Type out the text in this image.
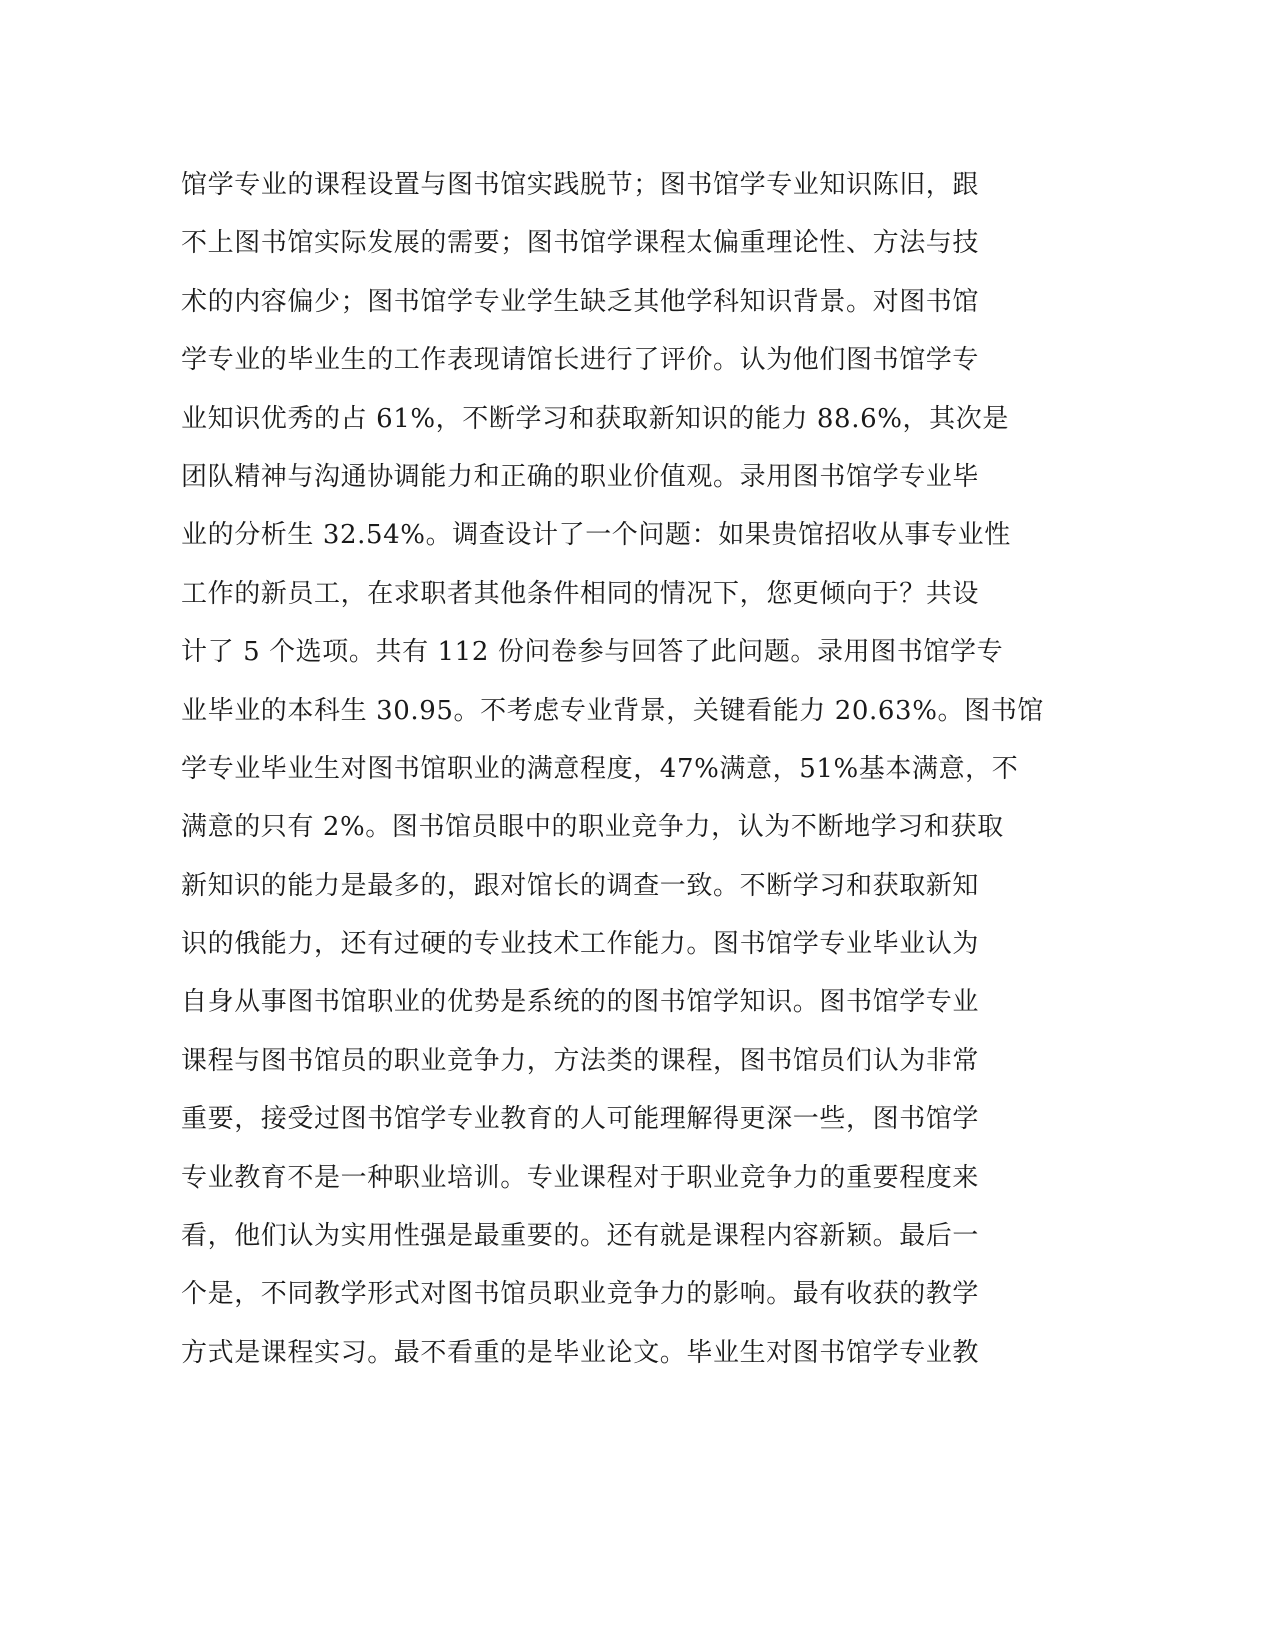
馆学专业的课程设置与图书馆实践脱节；图书馆学专业知识陈旧，跟
不上图书馆实际发展的需要；图书馆学课程太偏重理论性、方法与技
术的内容偏少；图书馆学专业学生缺乏其他学科知识背景。对图书馆
学专业的毕业生的工作表现请馆长进行了评价。认为他们图书馆学专
业知识优秀的占 61%，不断学习和获取新知识的能力 88.6%，其次是
团队精神与沟通协调能力和正确的职业价值观。录用图书馆学专业毕
业的分析生 32.54%。调查设计了一个问题：如果贵馆招收从事专业性
工作的新员工，在求职者其他条件相同的情况下，您更倾向于？共设
计了 5 个选项。共有 112 份问卷参与回答了此问题。录用图书馆学专
业毕业的本科生 30.95。不考虑专业背景，关键看能力 20.63%。图书馆
学专业毕业生对图书馆职业的满意程度，47%满意，51%基本满意，不
满意的只有 2%。图书馆员眼中的职业竞争力，认为不断地学习和获取
新知识的能力是最多的，跟对馆长的调查一致。不断学习和获取新知
识的俄能力，还有过硬的专业技术工作能力。图书馆学专业毕业认为
自身从事图书馆职业的优势是系统的的图书馆学知识。图书馆学专业
课程与图书馆员的职业竞争力，方法类的课程，图书馆员们认为非常
重要，接受过图书馆学专业教育的人可能理解得更深一些，图书馆学
专业教育不是一种职业培训。专业课程对于职业竞争力的重要程度来
看，他们认为实用性强是最重要的。还有就是课程内容新颖。最后一
个是，不同教学形式对图书馆员职业竞争力的影响。最有收获的教学
方式是课程实习。最不看重的是毕业论文。毕业生对图书馆学专业教
